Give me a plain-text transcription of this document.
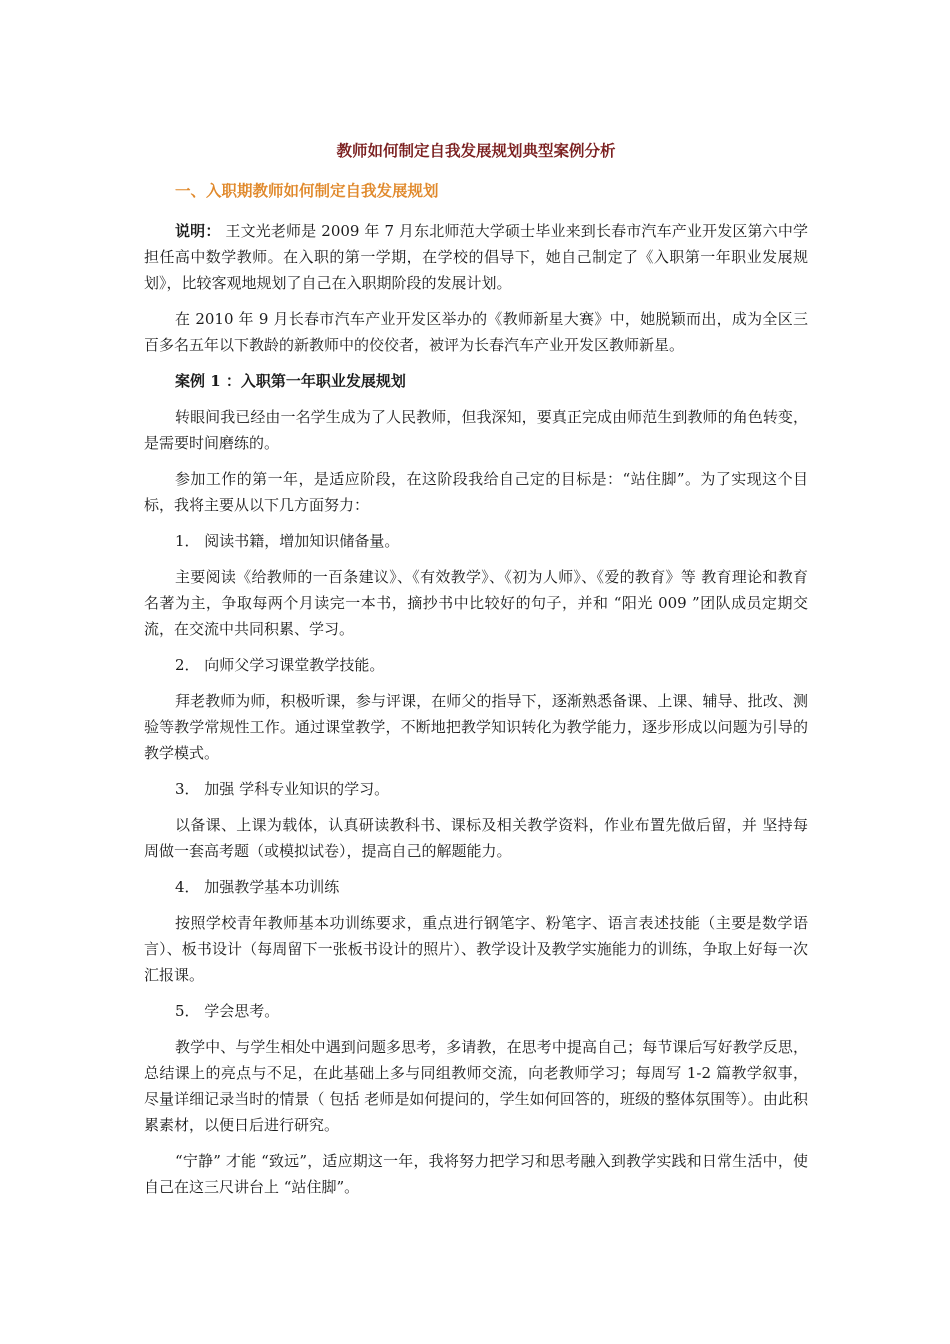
教师如何制定自我发展规划典型案例分析
一、入职期教师如何制定自我发展规划

说明： 王文光老师是 2009 年 7 月东北师范大学硕士毕业来到长春市汽车产业开发区第六中学担任高中数学教师。在入职的第一学期，在学校的倡导下，她自己制定了《入职第一年职业发展规划》，比较客观地规划了自己在入职期阶段的发展计划。

在 2010 年 9 月长春市汽车产业开发区举办的《教师新星大赛》中，她脱颖而出，成为全区三百多名五年以下教龄的新教师中的佼佼者，被评为长春汽车产业开发区教师新星。

案例 1 ：入职第一年职业发展规划

转眼间我已经由一名学生成为了人民教师，但我深知，要真正完成由师范生到教师的角色转变，是需要时间磨练的。

参加工作的第一年，是适应阶段，在这阶段我给自己定的目标是：“站住脚”。为了实现这个目标，我将主要从以下几方面努力：

1． 阅读书籍，增加知识储备量。

主要阅读《给教师的一百条建议》、《有效教学》、《初为人师》、《爱的教育》等 教育理论和教育名著为主，争取每两个月读完一本书，摘抄书中比较好的句子，并和 “阳光 009 ”团队成员定期交流，在交流中共同积累、学习。

2． 向师父学习课堂教学技能。

拜老教师为师，积极听课，参与评课，在师父的指导下，逐渐熟悉备课、上课、辅导、批改、测验等教学常规性工作。通过课堂教学，不断地把教学知识转化为教学能力，逐步形成以问题为引导的教学模式。

3． 加强 学科专业知识的学习。

以备课、上课为载体，认真研读教科书、课标及相关教学资料，作业布置先做后留，并 坚持每周做一套高考题（或模拟试卷），提高自己的解题能力。

4． 加强教学基本功训练

按照学校青年教师基本功训练要求，重点进行钢笔字、粉笔字、语言表述技能（主要是数学语言）、板书设计（每周留下一张板书设计的照片）、教学设计及教学实施能力的训练，争取上好每一次汇报课。

5． 学会思考。

教学中、与学生相处中遇到问题多思考，多请教，在思考中提高自己；每节课后写好教学反思，总结课上的亮点与不足，在此基础上多与同组教师交流，向老教师学习；每周写 1-2 篇教学叙事， 尽量详细记录当时的情景（ 包括 老师是如何提问的，学生如何回答的，班级的整体氛围等）。由此积累素材，以便日后进行研究。

“宁静” 才能 “致远”，适应期这一年，我将努力把学习和思考融入到教学实践和日常生活中，使自己在这三尺讲台上 “站住脚”。
